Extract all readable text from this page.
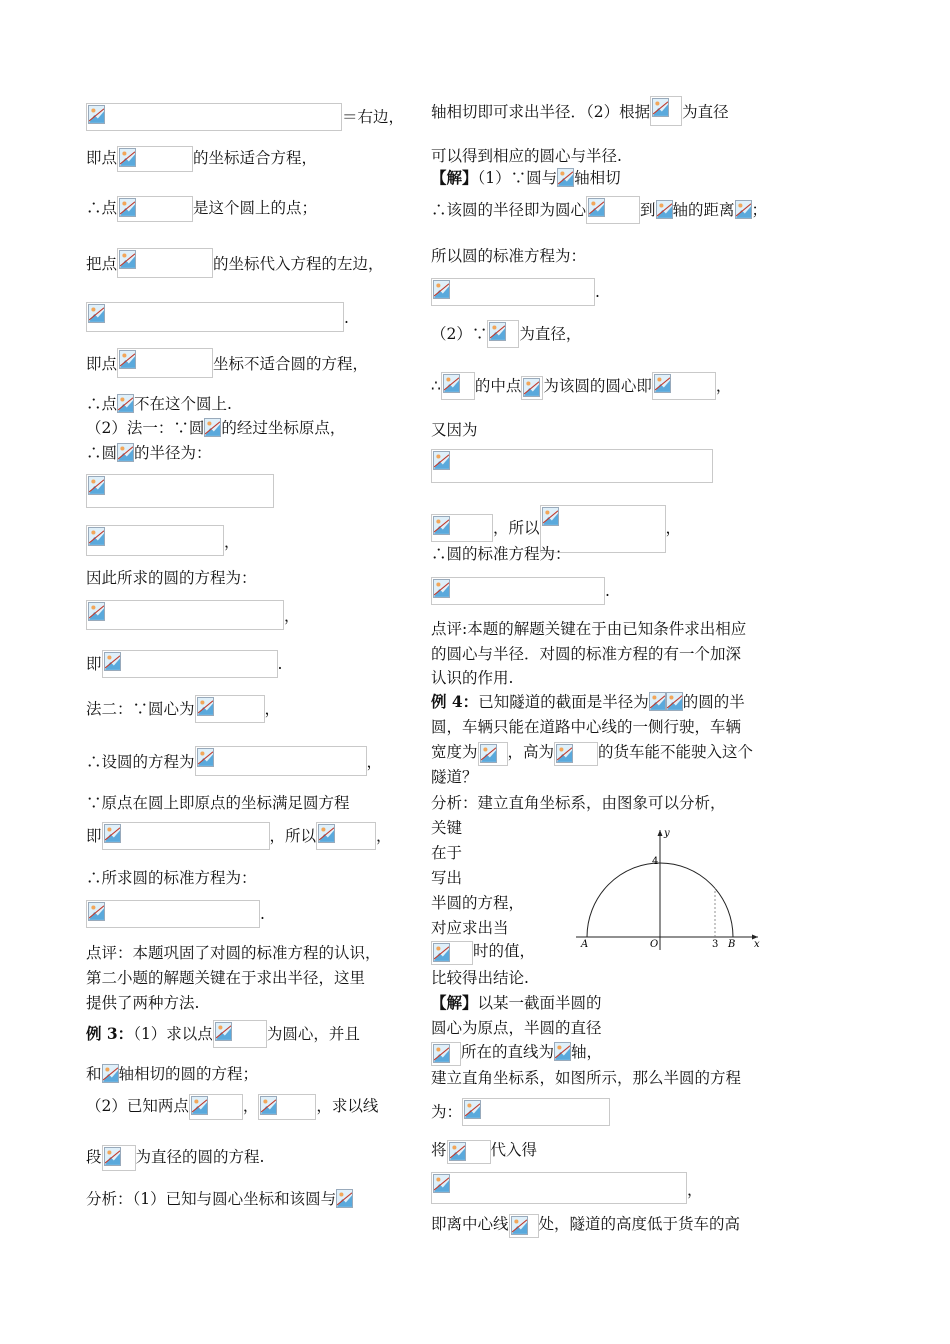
＝右边，
即点	的坐标适合方程，
∴点	是这个圆上的点；
把点	的坐标代入方程的左边，
.
即点	坐标不适合圆的方程，
∴点 不在这个圆上.
（2）法一：∵圆 的经过坐标原点，
∴圆 的半径为：
，
因此所求的圆的方程为：
，
即	.
法二：∵圆心为	，
∴设圆的方程为	，
∵原点在圆上即原点的坐标满足圆方程
即	，所以	，
∴所求圆的标准方程为：
.
点评：本题巩固了对圆的标准方程的认识，
第二小题的解题关键在于求出半径，这里
提供了两种方法.
例 3：（1）求以点	为圆心，并且
和 轴相切的圆的方程；
（2）已知两点	，	，求以线
段 为直径的圆的方程.
分析：（1）已知与圆心坐标和该圆与
轴相切即可求出半径．（2）根据 为直径
可以得到相应的圆心与半径.
【解】（1）∵圆与 轴相切
∴该圆的半径即为圆心	到 轴的距离 ；
所以圆的标准方程为：
.
（2）∵ 为直径，
∴ 的中点 为该圆的圆心即	，
又因为
，所以	，
∴圆的标准方程为：
.
点评:本题的解题关键在于由已知条件求出相应
的圆心与半径．对圆的标准方程的有一个加深
认识的作用.
例 4：已知隧道的截面是半径为 的圆的半
圆，车辆只能在道路中心线的一侧行驶，车辆
宽度为 ，高为	的货车能不能驶入这个
隧道？
分析：建立直角坐标系，由图象可以分析，
关键
在于
写出
半圆的方程，
对应求出当
时的值，
比较得出结论.
【解】以某一截面半圆的
圆心为原点，半圆的直径
所在的直线为 轴，
建立直角坐标系，如图所示，那么半圆的方程
为：
将	代入得
，
即离中心线 处，隧道的高度低于货车的高
y
x
4
3
A	O	B
